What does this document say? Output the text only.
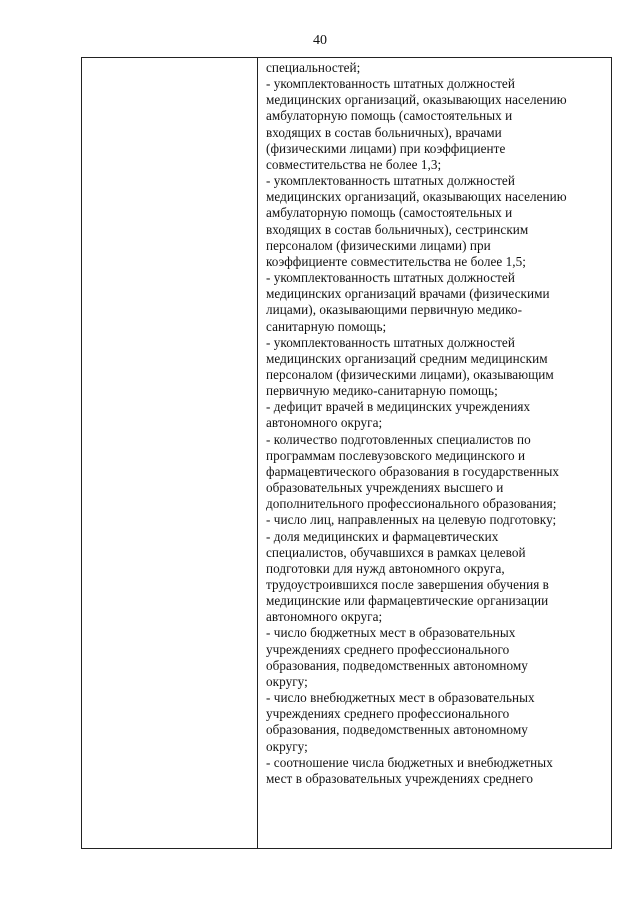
40
специальностей;
- укомплектованность штатных должностей
медицинских организаций, оказывающих населению
амбулаторную помощь (самостоятельных и
входящих в состав больничных), врачами
(физическими лицами) при коэффициенте
совместительства не более 1,3;
- укомплектованность штатных должностей
медицинских организаций, оказывающих населению
амбулаторную помощь (самостоятельных и
входящих в состав больничных), сестринским
персоналом (физическими лицами) при
коэффициенте совместительства не более 1,5;
- укомплектованность штатных должностей
медицинских организаций врачами (физическими
лицами), оказывающими первичную медико-
санитарную помощь;
- укомплектованность штатных должностей
медицинских организаций средним медицинским
персоналом (физическими лицами), оказывающим
первичную медико-санитарную помощь;
- дефицит врачей в медицинских учреждениях
автономного округа;
- количество подготовленных специалистов по
программам послевузовского медицинского и
фармацевтического образования в государственных
образовательных учреждениях высшего и
дополнительного профессионального образования;
- число лиц, направленных на целевую подготовку;
- доля медицинских и фармацевтических
специалистов, обучавшихся в рамках целевой
подготовки для нужд автономного округа,
трудоустроившихся после завершения обучения в
медицинские или фармацевтические организации
автономного округа;
- число бюджетных мест в образовательных
учреждениях среднего профессионального
образования, подведомственных автономному
округу;
- число внебюджетных мест в образовательных
учреждениях среднего профессионального
образования, подведомственных автономному
округу;
- соотношение числа бюджетных и внебюджетных
мест в образовательных учреждениях среднего
